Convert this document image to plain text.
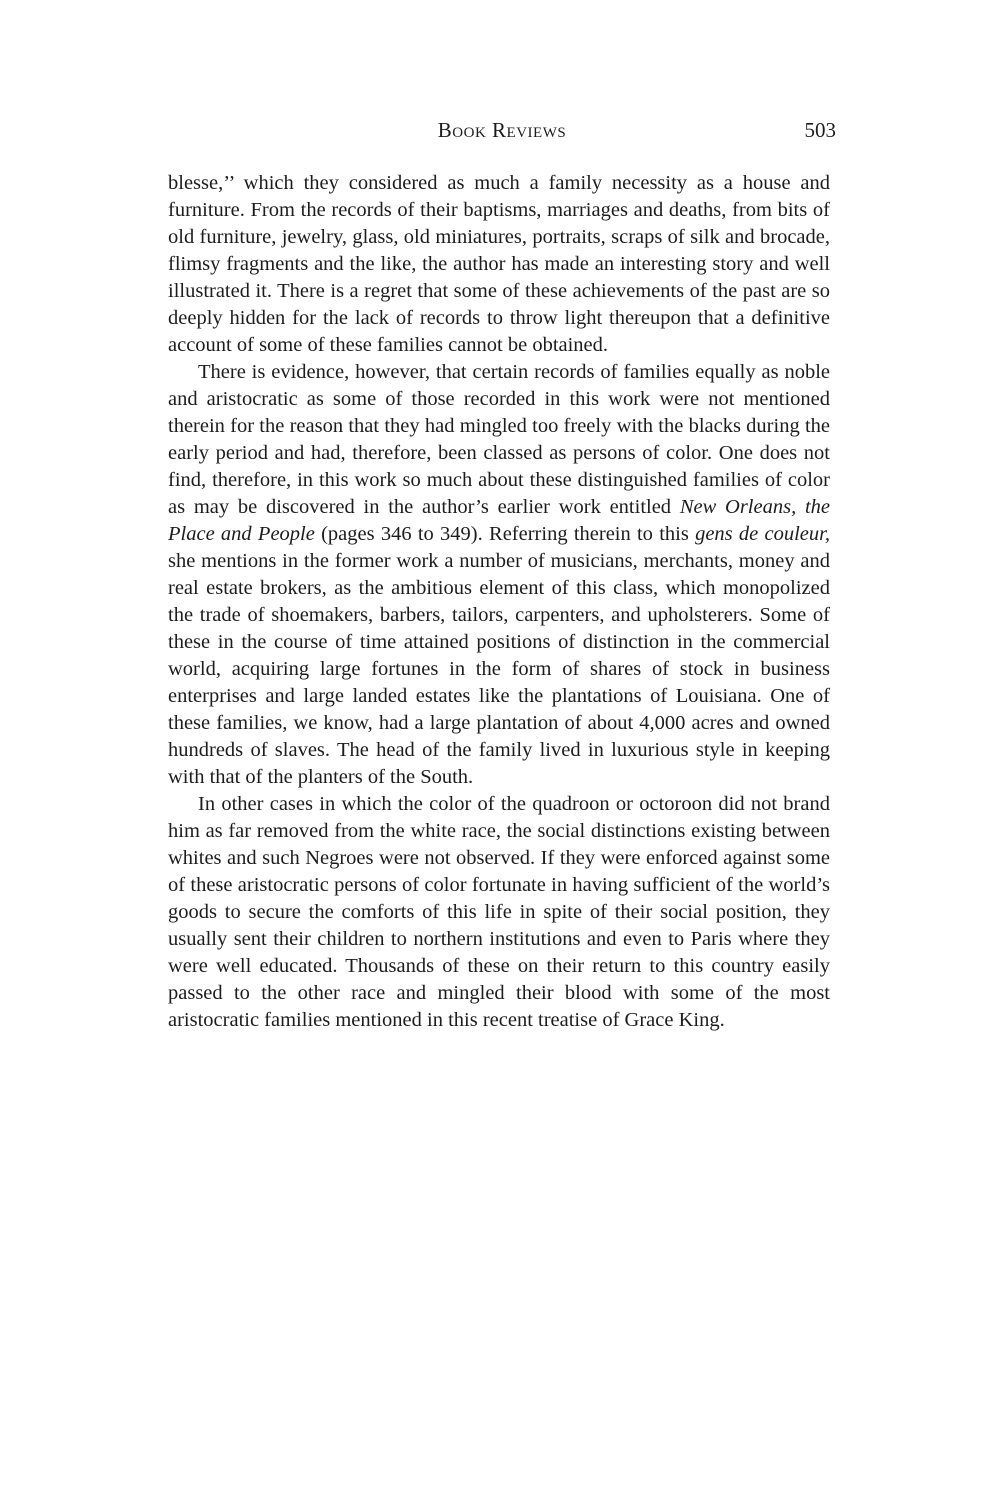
Book Reviews	503

blesse,’’ which they considered as much a family necessity as a house and furniture. From the records of their baptisms, marriages and deaths, from bits of old furniture, jewelry, glass, old miniatures, portraits, scraps of silk and brocade, flimsy fragments and the like, the author has made an interesting story and well illustrated it. There is a regret that some of these achievements of the past are so deeply hidden for the lack of records to throw light thereupon that a definitive account of some of these families cannot be obtained.

There is evidence, however, that certain records of families equally as noble and aristocratic as some of those recorded in this work were not mentioned therein for the reason that they had mingled too freely with the blacks during the early period and had, therefore, been classed as persons of color. One does not find, therefore, in this work so much about these distinguished families of color as may be discovered in the author’s earlier work entitled New Orleans, the Place and People (pages 346 to 349). Referring therein to this gens de couleur, she mentions in the former work a number of musicians, merchants, money and real estate brokers, as the ambitious element of this class, which monopolized the trade of shoemakers, barbers, tailors, carpenters, and upholsterers. Some of these in the course of time attained positions of distinction in the commercial world, acquiring large fortunes in the form of shares of stock in business enterprises and large landed estates like the plantations of Louisiana. One of these families, we know, had a large plantation of about 4,000 acres and owned hundreds of slaves. The head of the family lived in luxurious style in keeping with that of the planters of the South.

In other cases in which the color of the quadroon or octoroon did not brand him as far removed from the white race, the social distinctions existing between whites and such Negroes were not observed. If they were enforced against some of these aristocratic persons of color fortunate in having sufficient of the world’s goods to secure the comforts of this life in spite of their social position, they usually sent their children to northern institutions and even to Paris where they were well educated. Thousands of these on their return to this country easily passed to the other race and mingled their blood with some of the most aristocratic families mentioned in this recent treatise of Grace King.
